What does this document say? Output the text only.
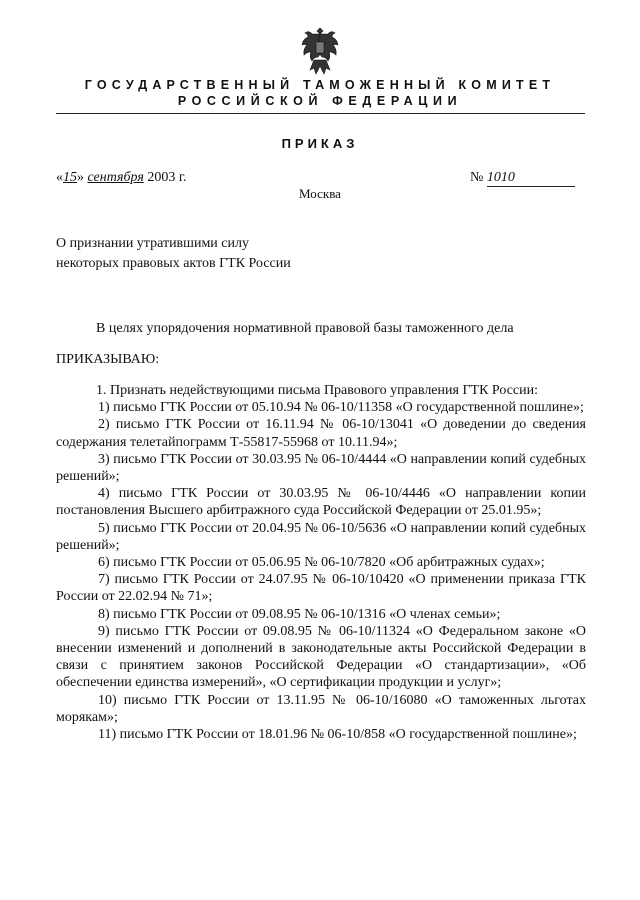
ГОСУДАРСТВЕННЫЙ ТАМОЖЕННЫЙ КОМИТЕТ
РОССИЙСКОЙ ФЕДЕРАЦИИ
ПРИКАЗ
«15» сентября 2003 г.	№ 1010
Москва
О признании утратившими силу
некоторых правовых актов ГТК России
В целях упорядочения нормативной правовой базы таможенного дела
ПРИКАЗЫВАЮ:

1. Признать недействующими письма Правового управления ГТК России:

1) письмо ГТК России от 05.10.94 № 06-10/11358 «О государственной пошлине»;

2) письмо ГТК России от 16.11.94 № 06-10/13041 «О доведении до сведения содержания телетайпограмм Т-55817-55968 от 10.11.94»;

3) письмо ГТК России от 30.03.95 № 06-10/4444 «О направлении копий судебных решений»;

4) письмо ГТК России от 30.03.95 № 06-10/4446 «О направлении копии постановления Высшего арбитражного суда Российской Федерации от 25.01.95»;

5) письмо ГТК России от 20.04.95 № 06-10/5636 «О направлении копий судебных решений»;

6) письмо ГТК России от 05.06.95 № 06-10/7820 «Об арбитражных судах»;

7) письмо ГТК России от 24.07.95 № 06-10/10420 «О применении приказа ГТК России от 22.02.94 № 71»;

8) письмо ГТК России от 09.08.95 № 06-10/1316 «О членах семьи»;

9) письмо ГТК России от 09.08.95 № 06-10/11324 «О Федеральном законе «О внесении изменений и дополнений в законодательные акты Российской Федерации в связи с принятием законов Российской Федерации «О стандартизации», «Об обеспечении единства измерений», «О сертификации продукции и услуг»;

10) письмо ГТК России от 13.11.95 № 06-10/16080 «О таможенных льготах морякам»;

11) письмо ГТК России от 18.01.96 № 06-10/858 «О государственной пошлине»;
